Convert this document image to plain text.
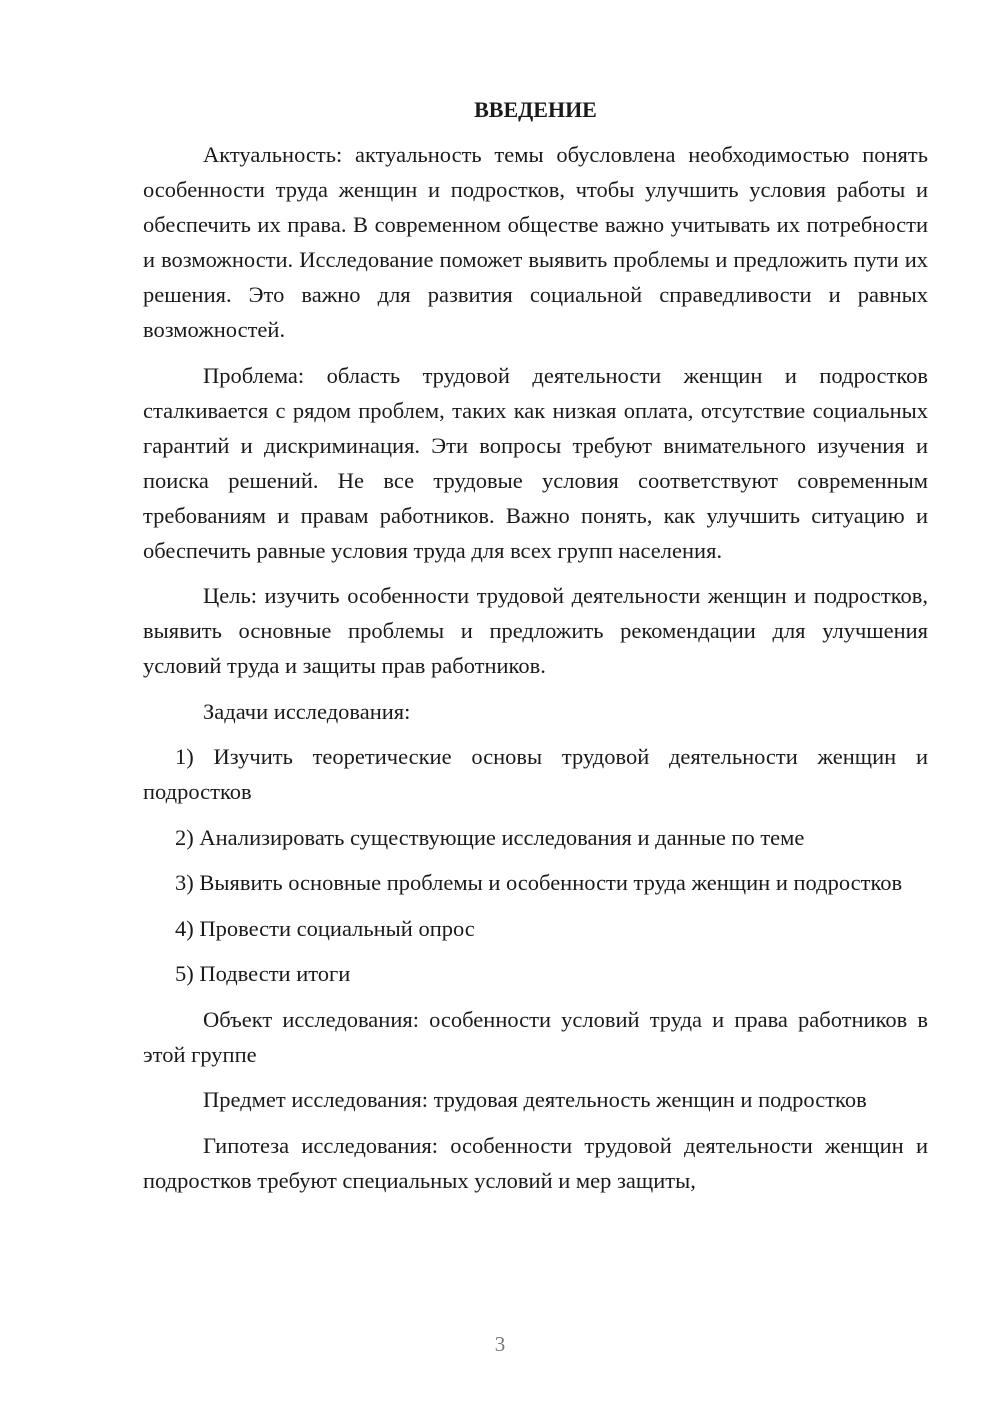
ВВЕДЕНИЕ

Актуальность: актуальность темы обусловлена необходимостью понять особенности труда женщин и подростков, чтобы улучшить условия работы и обеспечить их права. В современном обществе важно учитывать их потребности и возможности. Исследование поможет выявить проблемы и предложить пути их решения. Это важно для развития социальной справедливости и равных возможностей.

Проблема: область трудовой деятельности женщин и подростков сталкивается с рядом проблем, таких как низкая оплата, отсутствие социальных гарантий и дискриминация. Эти вопросы требуют внимательного изучения и поиска решений. Не все трудовые условия соответствуют современным требованиям и правам работников. Важно понять, как улучшить ситуацию и обеспечить равные условия труда для всех групп населения.

Цель: изучить особенности трудовой деятельности женщин и подростков, выявить основные проблемы и предложить рекомендации для улучшения условий труда и защиты прав работников.

Задачи исследования:

1) Изучить теоретические основы трудовой деятельности женщин и подростков

2) Анализировать существующие исследования и данные по теме

3) Выявить основные проблемы и особенности труда женщин и подростков

4) Провести социальный опрос

5) Подвести итоги

Объект исследования: особенности условий труда и права работников в этой группе

Предмет исследования: трудовая деятельность женщин и подростков

Гипотеза исследования: особенности трудовой деятельности женщин и подростков требуют специальных условий и мер защиты,

3
